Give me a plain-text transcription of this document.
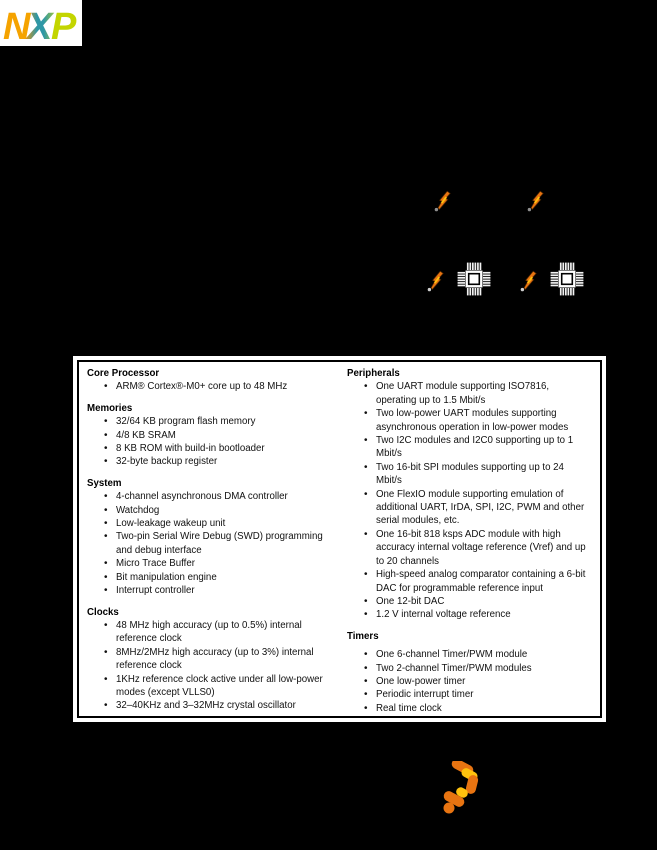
N
X
P
Core Processor
• ARM® Cortex®-M0+ core up to 48 MHz
Memories
• 32/64 KB program flash memory
• 4/8 KB SRAM
• 8 KB ROM with build-in bootloader
• 32-byte backup register
System
• 4-channel asynchronous DMA controller
• Watchdog
• Low-leakage wakeup unit
• Two-pin Serial Wire Debug (SWD) programming and debug interface
• Micro Trace Buffer
• Bit manipulation engine
• Interrupt controller
Clocks
• 48 MHz high accuracy (up to 0.5%) internal reference clock
• 8MHz/2MHz high accuracy (up to 3%) internal reference clock
• 1KHz reference clock active under all low-power modes (except VLLS0)
• 32–40KHz and 3–32MHz crystal oscillator
Peripherals
• One UART module supporting ISO7816, operating up to 1.5 Mbit/s
• Two low-power UART modules supporting asynchronous operation in low-power modes
• Two I2C modules and I2C0 supporting up to 1 Mbit/s
• Two 16-bit SPI modules supporting up to 24 Mbit/s
• One FlexIO module supporting emulation of additional UART, IrDA, SPI, I2C, PWM and other serial modules, etc.
• One 16-bit 818 ksps ADC module with high accuracy internal voltage reference (Vref) and up to 20 channels
• High-speed analog comparator containing a 6-bit DAC for programmable reference input
• One 12-bit DAC
• 1.2 V internal voltage reference
Timers
• One 6-channel Timer/PWM module
• Two 2-channel Timer/PWM modules
• One low-power timer
• Periodic interrupt timer
• Real time clock
